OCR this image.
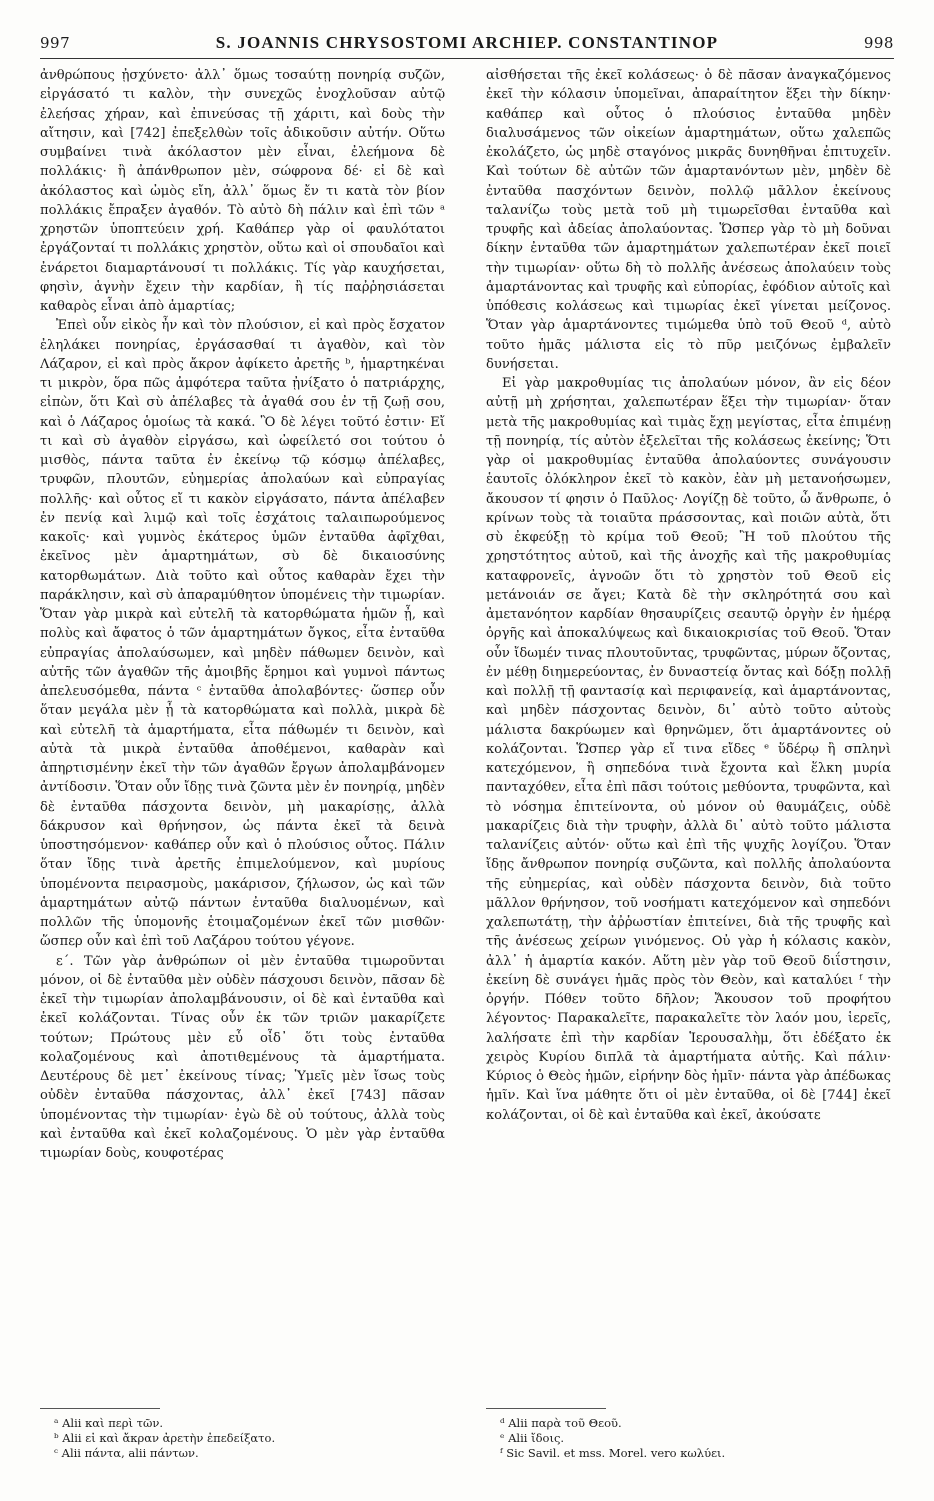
997	S. JOANNIS CHRYSOSTOMI ARCHIEP. CONSTANTINOP	998

ἀνθρώπους ᾐσχύνετο· ἀλλ᾽ ὅμως τοσαύτῃ πονηρίᾳ συζῶν, εἰργάσατό τι καλὸν, τὴν συνεχῶς ἐνοχλοῦσαν αὐτῷ ἐλεήσας χήραν, καὶ ἐπινεύσας τῇ χάριτι, καὶ δοὺς τὴν αἴτησιν, καὶ [742] ἐπεξελθὼν τοῖς ἀδικοῦσιν αὐτήν. Οὕτω συμβαίνει τινὰ ἀκόλαστον μὲν εἶναι, ἐλεήμονα δὲ πολλάκις· ἢ ἀπάνθρωπον μὲν, σώφρονα δέ· εἰ δὲ καὶ ἀκόλαστος καὶ ὠμὸς εἴη, ἀλλ᾽ ὅμως ἔν τι κατὰ τὸν βίον πολλάκις ἔπραξεν ἀγαθόν. Τὸ αὐτὸ δὴ πάλιν καὶ ἐπὶ τῶν ᵃ χρηστῶν ὑποπτεύειν χρή. Καθάπερ γὰρ οἱ φαυλότατοι ἐργάζονταί τι πολλάκις χρηστὸν, οὕτω καὶ οἱ σπουδαῖοι καὶ ἐνάρετοι διαμαρτάνουσί τι πολλάκις. Τίς γὰρ καυχήσεται, φησὶν, ἁγνὴν ἔχειν τὴν καρδίαν, ἢ τίς παῤῥησιάσεται καθαρὸς εἶναι ἀπὸ ἁμαρτίας;

Ἐπεὶ οὖν εἰκὸς ἦν καὶ τὸν πλούσιον, εἰ καὶ πρὸς ἔσχατον ἐληλάκει πονηρίας, ἐργάσασθαί τι ἀγαθὸν, καὶ τὸν Λάζαρον, εἰ καὶ πρὸς ἄκρον ἀφίκετο ἀρετῆς ᵇ, ἡμαρτηκέναι τι μικρὸν, ὅρα πῶς ἀμφότερα ταῦτα ᾐνίξατο ὁ πατριάρχης, εἰπὼν, ὅτι Καὶ σὺ ἀπέλαβες τὰ ἀγαθά σου ἐν τῇ ζωῇ σου, καὶ ὁ Λάζαρος ὁμοίως τὰ κακά. Ὃ δὲ λέγει τοῦτό ἐστιν· Εἴ τι καὶ σὺ ἀγαθὸν εἰργάσω, καὶ ὠφείλετό σοι τούτου ὁ μισθὸς, πάντα ταῦτα ἐν ἐκείνῳ τῷ κόσμῳ ἀπέλαβες, τρυφῶν, πλουτῶν, εὐημερίας ἀπολαύων καὶ εὐπραγίας πολλῆς· καὶ οὗτος εἴ τι κακὸν εἰργάσατο, πάντα ἀπέλαβεν ἐν πενίᾳ καὶ λιμῷ καὶ τοῖς ἐσχάτοις ταλαιπωρούμενος κακοῖς· καὶ γυμνὸς ἑκάτερος ὑμῶν ἐνταῦθα ἀφῖχθαι, ἐκεῖνος μὲν ἁμαρτημάτων, σὺ δὲ δικαιοσύνης κατορθωμάτων. Διὰ τοῦτο καὶ οὗτος καθαρὰν ἔχει τὴν παράκλησιν, καὶ σὺ ἀπαραμύθητον ὑπομένεις τὴν τιμωρίαν. Ὅταν γὰρ μικρὰ καὶ εὐτελῆ τὰ κατορθώματα ἡμῶν ᾖ, καὶ πολὺς καὶ ἄφατος ὁ τῶν ἁμαρτημάτων ὄγκος, εἶτα ἐνταῦθα εὐπραγίας ἀπολαύσωμεν, καὶ μηδὲν πάθωμεν δεινὸν, καὶ αὐτῆς τῶν ἀγαθῶν τῆς ἀμοιβῆς ἔρημοι καὶ γυμνοὶ πάντως ἀπελευσόμεθα, πάντα ᶜ ἐνταῦθα ἀπολαβόντες· ὥσπερ οὖν ὅταν μεγάλα μὲν ᾖ τὰ κατορθώματα καὶ πολλὰ, μικρὰ δὲ καὶ εὐτελῆ τὰ ἁμαρτήματα, εἶτα πάθωμέν τι δεινὸν, καὶ αὐτὰ τὰ μικρὰ ἐνταῦθα ἀποθέμενοι, καθαρὰν καὶ ἀπηρτισμένην ἐκεῖ τὴν τῶν ἀγαθῶν ἔργων ἀπολαμβάνομεν ἀντίδοσιν. Ὅταν οὖν ἴδῃς τινὰ ζῶντα μὲν ἐν πονηρίᾳ, μηδὲν δὲ ἐνταῦθα πάσχοντα δεινὸν, μὴ μακαρίσῃς, ἀλλὰ δάκρυσον καὶ θρήνησον, ὡς πάντα ἐκεῖ τὰ δεινὰ ὑποστησόμενον· καθάπερ οὖν καὶ ὁ πλούσιος οὗτος. Πάλιν ὅταν ἴδῃς τινὰ ἀρετῆς ἐπιμελούμενον, καὶ μυρίους ὑπομένοντα πειρασμοὺς, μακάρισον, ζήλωσον, ὡς καὶ τῶν ἁμαρτημάτων αὐτῷ πάντων ἐνταῦθα διαλυομένων, καὶ πολλῶν τῆς ὑπομονῆς ἑτοιμαζομένων ἐκεῖ τῶν μισθῶν· ὥσπερ οὖν καὶ ἐπὶ τοῦ Λαζάρου τούτου γέγονε.

ε΄. Τῶν γὰρ ἀνθρώπων οἱ μὲν ἐνταῦθα τιμωροῦνται μόνον, οἱ δὲ ἐνταῦθα μὲν οὐδὲν πάσχουσι δεινὸν, πᾶσαν δὲ ἐκεῖ τὴν τιμωρίαν ἀπολαμβάνουσιν, οἱ δὲ καὶ ἐνταῦθα καὶ ἐκεῖ κολάζονται. Τίνας οὖν ἐκ τῶν τριῶν μακαρίζετε τούτων; Πρώτους μὲν εὖ οἶδ᾽ ὅτι τοὺς ἐνταῦθα κολαζομένους καὶ ἀποτιθεμένους τὰ ἁμαρτήματα. Δευτέρους δὲ μετ᾽ ἐκείνους τίνας; Ὑμεῖς μὲν ἴσως τοὺς οὐδὲν ἐνταῦθα πάσχοντας, ἀλλ᾽ ἐκεῖ [743] πᾶσαν ὑπομένοντας τὴν τιμωρίαν· ἐγὼ δὲ οὐ τούτους, ἀλλὰ τοὺς καὶ ἐνταῦθα καὶ ἐκεῖ κολαζομένους. Ὁ μὲν γὰρ ἐνταῦθα τιμωρίαν δοὺς, κουφοτέρας

αἰσθήσεται τῆς ἐκεῖ κολάσεως· ὁ δὲ πᾶσαν ἀναγκαζόμενος ἐκεῖ τὴν κόλασιν ὑπομεῖναι, ἀπαραίτητον ἕξει τὴν δίκην· καθάπερ καὶ οὗτος ὁ πλούσιος ἐνταῦθα μηδὲν διαλυσάμενος τῶν οἰκείων ἁμαρτημάτων, οὕτω χαλεπῶς ἐκολάζετο, ὡς μηδὲ σταγόνος μικρᾶς δυνηθῆναι ἐπιτυχεῖν. Καὶ τούτων δὲ αὐτῶν τῶν ἁμαρτανόντων μὲν, μηδὲν δὲ ἐνταῦθα πασχόντων δεινὸν, πολλῷ μᾶλλον ἐκείνους ταλανίζω τοὺς μετὰ τοῦ μὴ τιμωρεῖσθαι ἐνταῦθα καὶ τρυφῆς καὶ ἀδείας ἀπολαύοντας. Ὥσπερ γὰρ τὸ μὴ δοῦναι δίκην ἐνταῦθα τῶν ἁμαρτημάτων χαλεπωτέραν ἐκεῖ ποιεῖ τὴν τιμωρίαν· οὕτω δὴ τὸ πολλῆς ἀνέσεως ἀπολαύειν τοὺς ἁμαρτάνοντας καὶ τρυφῆς καὶ εὐπορίας, ἐφόδιον αὐτοῖς καὶ ὑπόθεσις κολάσεως καὶ τιμωρίας ἐκεῖ γίνεται μείζονος. Ὅταν γὰρ ἁμαρτάνοντες τιμώμεθα ὑπὸ τοῦ Θεοῦ ᵈ, αὐτὸ τοῦτο ἡμᾶς μάλιστα εἰς τὸ πῦρ μειζόνως ἐμβαλεῖν δυνήσεται.

Εἰ γὰρ μακροθυμίας τις ἀπολαύων μόνον, ἂν εἰς δέον αὐτῇ μὴ χρήσηται, χαλεπωτέραν ἕξει τὴν τιμωρίαν· ὅταν μετὰ τῆς μακροθυμίας καὶ τιμὰς ἔχῃ μεγίστας, εἶτα ἐπιμένῃ τῇ πονηρίᾳ, τίς αὐτὸν ἐξελεῖται τῆς κολάσεως ἐκείνης; Ὅτι γὰρ οἱ μακροθυμίας ἐνταῦθα ἀπολαύοντες συνάγουσιν ἑαυτοῖς ὁλόκληρον ἐκεῖ τὸ κακὸν, ἐὰν μὴ μετανοήσωμεν, ἄκουσον τί φησιν ὁ Παῦλος· Λογίζῃ δὲ τοῦτο, ὦ ἄνθρωπε, ὁ κρίνων τοὺς τὰ τοιαῦτα πράσσοντας, καὶ ποιῶν αὐτὰ, ὅτι σὺ ἐκφεύξῃ τὸ κρίμα τοῦ Θεοῦ; Ἢ τοῦ πλούτου τῆς χρηστότητος αὐτοῦ, καὶ τῆς ἀνοχῆς καὶ τῆς μακροθυμίας καταφρονεῖς, ἀγνοῶν ὅτι τὸ χρηστὸν τοῦ Θεοῦ εἰς μετάνοιάν σε ἄγει; Κατὰ δὲ τὴν σκληρότητά σου καὶ ἀμετανόητον καρδίαν θησαυρίζεις σεαυτῷ ὀργὴν ἐν ἡμέρᾳ ὀργῆς καὶ ἀποκαλύψεως καὶ δικαιοκρισίας τοῦ Θεοῦ. Ὅταν οὖν ἴδωμέν τινας πλουτοῦντας, τρυφῶντας, μύρων ὄζοντας, ἐν μέθῃ διημερεύοντας, ἐν δυναστείᾳ ὄντας καὶ δόξῃ πολλῇ καὶ πολλῇ τῇ φαντασίᾳ καὶ περιφανείᾳ, καὶ ἁμαρτάνοντας, καὶ μηδὲν πάσχοντας δεινὸν, δι᾽ αὐτὸ τοῦτο αὐτοὺς μάλιστα δακρύωμεν καὶ θρηνῶμεν, ὅτι ἁμαρτάνοντες οὐ κολάζονται. Ὥσπερ γὰρ εἴ τινα εἴδες ᵉ ὕδέρῳ ἢ σπληνὶ κατεχόμενον, ἢ σηπεδόνα τινὰ ἔχοντα καὶ ἕλκη μυρία πανταχόθεν, εἶτα ἐπὶ πᾶσι τούτοις μεθύοντα, τρυφῶντα, καὶ τὸ νόσημα ἐπιτείνοντα, οὐ μόνον οὐ θαυμάζεις, οὐδὲ μακαρίζεις διὰ τὴν τρυφὴν, ἀλλὰ δι᾽ αὐτὸ τοῦτο μάλιστα ταλανίζεις αὐτόν· οὕτω καὶ ἐπὶ τῆς ψυχῆς λογίζου. Ὅταν ἴδῃς ἄνθρωπον πονηρίᾳ συζῶντα, καὶ πολλῆς ἀπολαύοντα τῆς εὐημερίας, καὶ οὐδὲν πάσχοντα δεινὸν, διὰ τοῦτο μᾶλλον θρήνησον, τοῦ νοσήματι κατεχόμενον καὶ σηπεδόνι χαλεπωτάτῃ, τὴν ἀῤῥωστίαν ἐπιτείνει, διὰ τῆς τρυφῆς καὶ τῆς ἀνέσεως χείρων γινόμενος. Οὐ γὰρ ἡ κόλασις κακὸν, ἀλλ᾽ ἡ ἁμαρτία κακόν. Αὕτη μὲν γὰρ τοῦ Θεοῦ διΐστησιν, ἐκείνη δὲ συνάγει ἡμᾶς πρὸς τὸν Θεὸν, καὶ καταλύει ᶠ τὴν ὀργήν. Πόθεν τοῦτο δῆλον; Ἄκουσον τοῦ προφήτου λέγοντος· Παρακαλεῖτε, παρακαλεῖτε τὸν λαόν μου, ἱερεῖς, λαλήσατε ἐπὶ τὴν καρδίαν Ἱερουσαλὴμ, ὅτι ἐδέξατο ἐκ χειρὸς Κυρίου διπλᾶ τὰ ἁμαρτήματα αὐτῆς. Καὶ πάλιν· Κύριος ὁ Θεὸς ἡμῶν, εἰρήνην δὸς ἡμῖν· πάντα γὰρ ἀπέδωκας ἡμῖν. Καὶ ἵνα μάθητε ὅτι οἱ μὲν ἐνταῦθα, οἱ δὲ [744] ἐκεῖ κολάζονται, οἱ δὲ καὶ ἐνταῦθα καὶ ἐκεῖ, ἀκούσατε

ᵃ Alii καὶ περὶ τῶν.

ᵇ Alii εἰ καὶ ἄκραν ἀρετὴν ἐπεδείξατο.

ᶜ Alii πάντα, alii πάντων.

ᵈ Alii παρὰ τοῦ Θεοῦ.

ᵉ Alii ἴδοις.

ᶠ Sic Savil. et mss. Morel. vero κωλύει.
